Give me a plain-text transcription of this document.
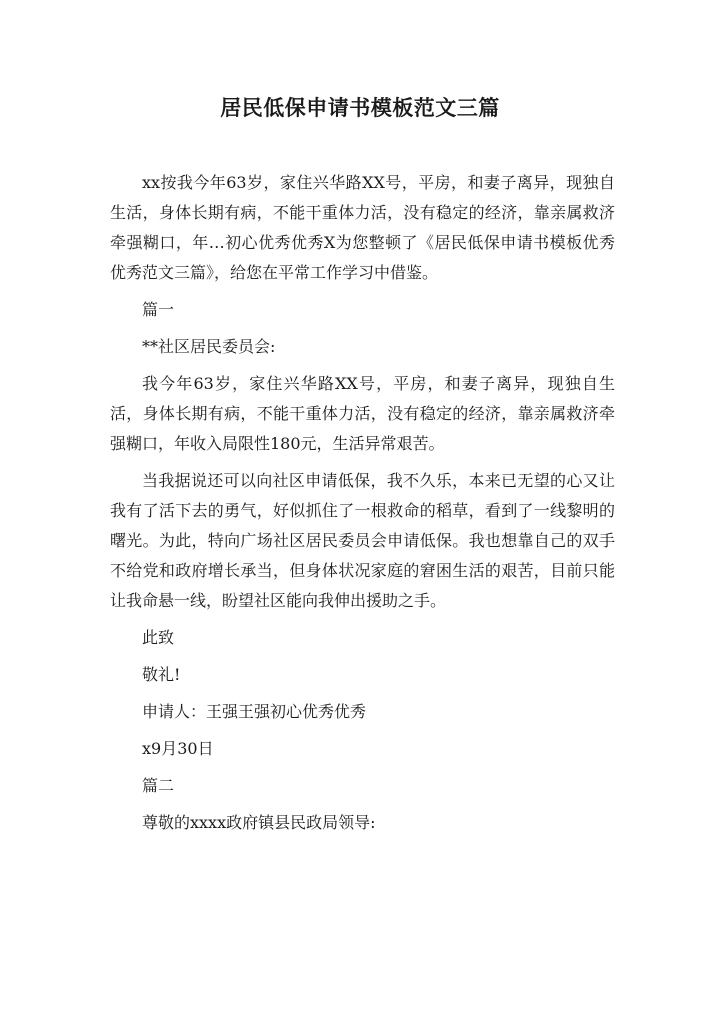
居民低保申请书模板范文三篇

xx按我今年63岁，家住兴华路XX号，平房，和妻子离异，现独自生活，身体长期有病，不能干重体力活，没有稳定的经济，靠亲属救济牵强糊口，年…初心优秀优秀X为您整顿了《居民低保申请书模板优秀优秀范文三篇》，给您在平常工作学习中借鉴。

篇一

**社区居民委员会:

我今年63岁，家住兴华路XX号，平房，和妻子离异，现独自生活，身体长期有病，不能干重体力活，没有稳定的经济，靠亲属救济牵强糊口，年收入局限性180元，生活异常艰苦。

当我据说还可以向社区申请低保，我不久乐，本来已无望的心又让我有了活下去的勇气，好似抓住了一根救命的稻草，看到了一线黎明的曙光。为此，特向广场社区居民委员会申请低保。我也想靠自己的双手不给党和政府增长承当，但身体状况家庭的窘困生活的艰苦，目前只能让我命悬一线，盼望社区能向我伸出援助之手。

此致

敬礼!

申请人：王强王强初心优秀优秀

x9月30日

篇二

尊敬的xxxx政府镇县民政局领导:
